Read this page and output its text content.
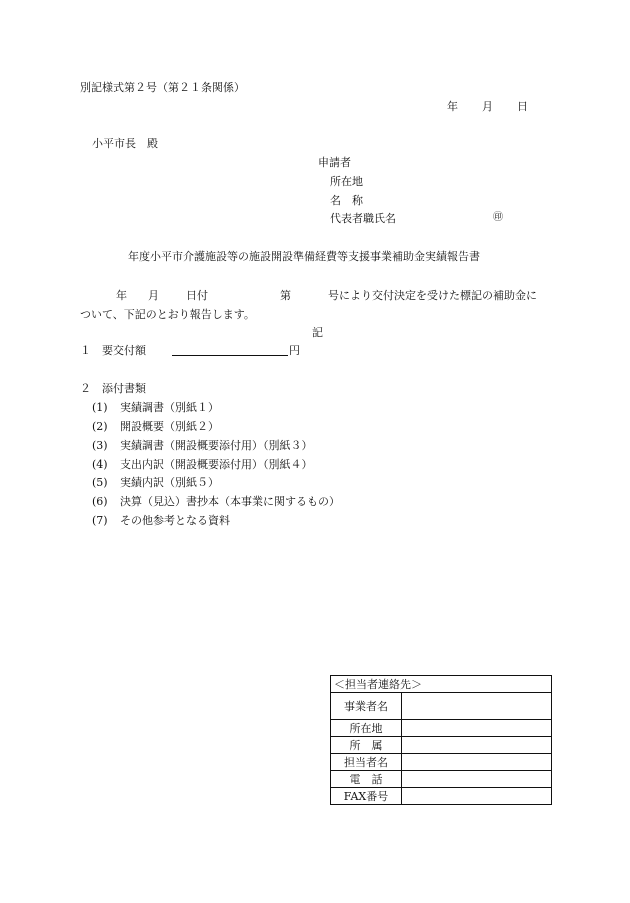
別記様式第２号（第２１条関係）
年 月 日
小平市長　殿
申請者
所在地
名　称
代表者職氏名	㊞
年度小平市介護施設等の施設開設準備経費等支援事業補助金実績報告書
年 月 日付	第	号により交付決定を受けた標記の補助金に
ついて、下記のとおり報告します。
記
１ 要交付額	円
２ 添付書類
(1) 実績調書（別紙１）
(2) 開設概要（別紙２）
(3) 実績調書（開設概要添付用）（別紙３）
(4) 支出内訳（開設概要添付用）（別紙４）
(5) 実績内訳（別紙５）
(6) 決算（見込）書抄本（本事業に関するもの）
(7) その他参考となる資料
＜担当者連絡先＞	
事業者名	
所在地	
所　属	
担当者名	
電　話	
FAX番号	
